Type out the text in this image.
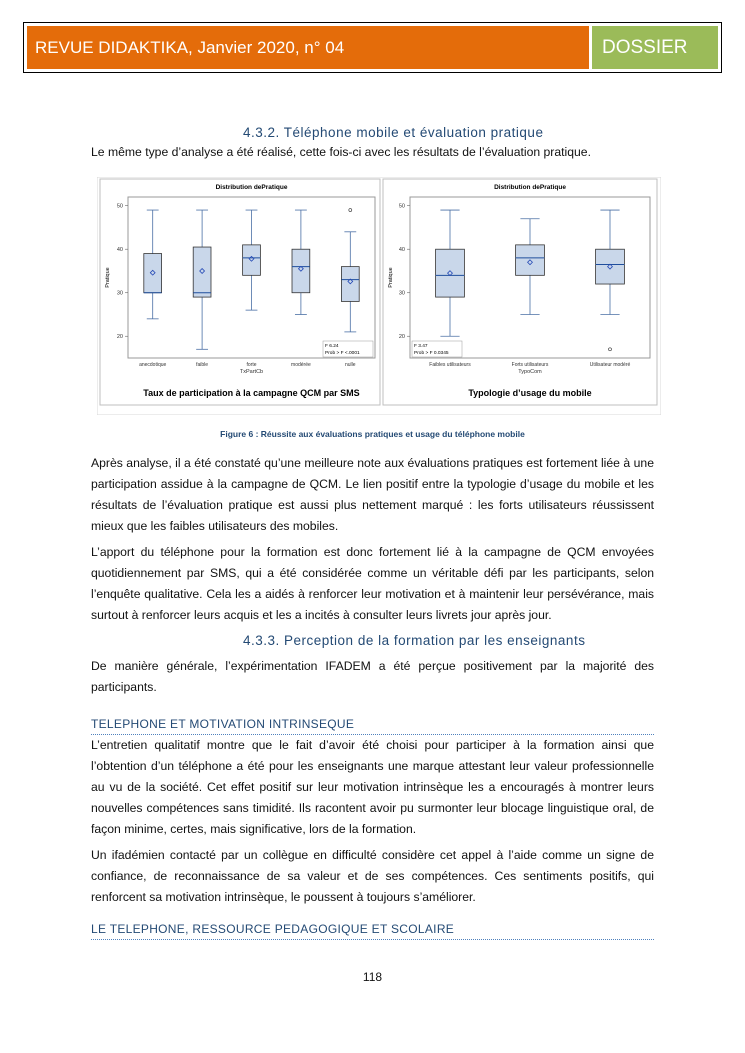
REVUE DIDAKTIKA, Janvier 2020, n° 04	DOSSIER
4.3.2. Téléphone mobile et évaluation pratique

Le même type d’analyse a été réalisé, cette fois-ci avec les résultats de l’évaluation pratique.

Distribution dePratique
20
30
40
50
Pratique
anecdotique	faible	forte	modérée	nulle
TxPartCb
F 6.24
Prob > F <.0001
Taux de participation à la campagne QCM par SMS
Distribution dePratique
20
30
40
50
Pratique
Faibles utilisateurs	Forts utilisateurs	Utilisateur modéré
TypoCom
F 3.47
Prob > F 0.0345
Typologie d’usage du mobile
Figure 6 : Réussite aux évaluations pratiques et usage du téléphone mobile

Après analyse, il a été constaté qu’une meilleure note aux évaluations pratiques est fortement liée à une participation assidue à la campagne de QCM. Le lien positif entre la typologie d’usage du mobile et les résultats de l’évaluation pratique est aussi plus nettement marqué : les forts utilisateurs réussissent mieux que les faibles utilisateurs des mobiles.

L’apport du téléphone pour la formation est donc fortement lié à la campagne de QCM envoyées quotidiennement par SMS, qui a été considérée comme un véritable défi par les participants, selon l’enquête qualitative. Cela les a aidés à renforcer leur motivation et à maintenir leur persévérance, mais surtout à renforcer leurs acquis et les a incités à consulter leurs livrets jour après jour.

4.3.3. Perception de la formation par les enseignants

De manière générale, l’expérimentation IFADEM a été perçue positivement par la majorité des participants.

TELEPHONE ET MOTIVATION INTRINSEQUE

L’entretien qualitatif montre que le fait d’avoir été choisi pour participer à la formation ainsi que l’obtention d’un téléphone a été pour les enseignants une marque attestant leur valeur professionnelle au vu de la société. Cet effet positif sur leur motivation intrinsèque les a encouragés à montrer leurs nouvelles compétences sans timidité. Ils racontent avoir pu surmonter leur blocage linguistique oral, de façon minime, certes, mais significative, lors de la formation.

Un ifadémien contacté par un collègue en difficulté considère cet appel à l’aide comme un signe de confiance, de reconnaissance de sa valeur et de ses compétences. Ces sentiments positifs, qui renforcent sa motivation intrinsèque, le poussent à toujours s’améliorer.

LE TELEPHONE, RESSOURCE PEDAGOGIQUE ET SCOLAIRE
118
